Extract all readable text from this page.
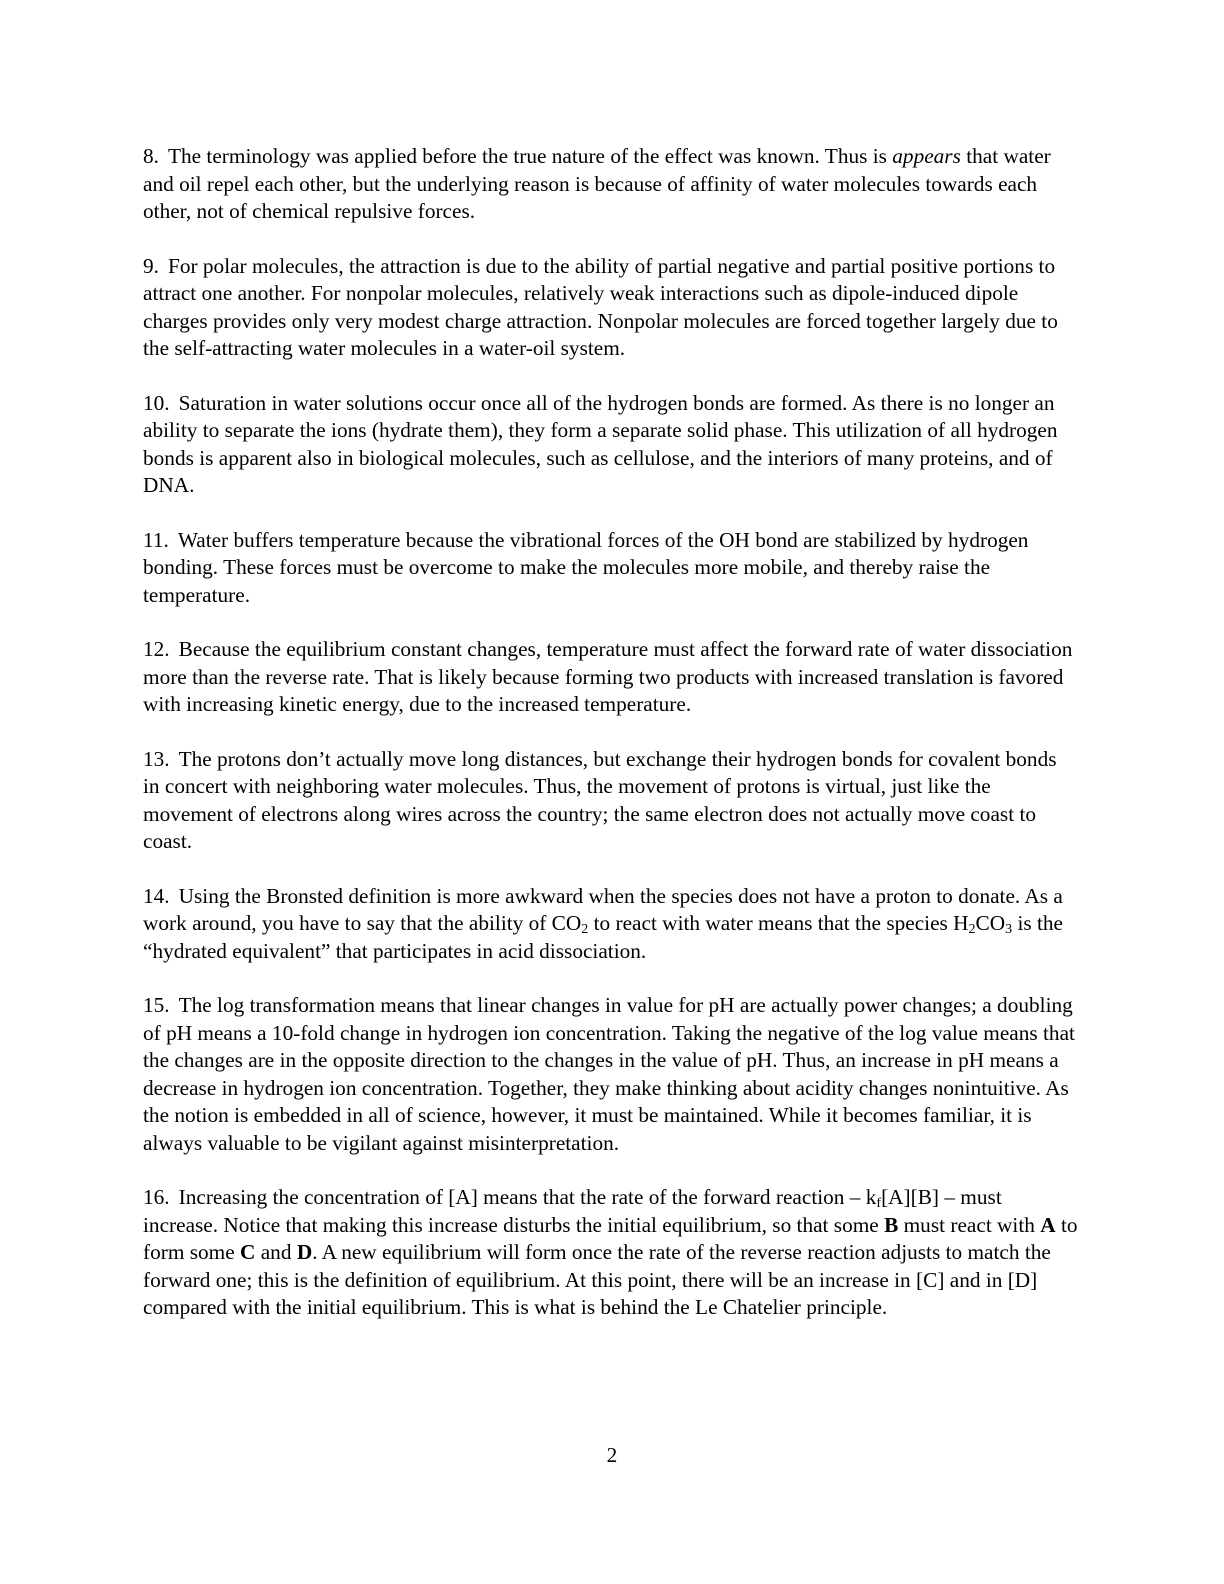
8. The terminology was applied before the true nature of the effect was known. Thus is appears that water and oil repel each other, but the underlying reason is because of affinity of water molecules towards each other, not of chemical repulsive forces.

9. For polar molecules, the attraction is due to the ability of partial negative and partial positive portions to attract one another. For nonpolar molecules, relatively weak interactions such as dipole-induced dipole charges provides only very modest charge attraction. Nonpolar molecules are forced together largely due to the self-attracting water molecules in a water-oil system.

10. Saturation in water solutions occur once all of the hydrogen bonds are formed. As there is no longer an ability to separate the ions (hydrate them), they form a separate solid phase. This utilization of all hydrogen bonds is apparent also in biological molecules, such as cellulose, and the interiors of many proteins, and of DNA.

11. Water buffers temperature because the vibrational forces of the OH bond are stabilized by hydrogen bonding. These forces must be overcome to make the molecules more mobile, and thereby raise the temperature.

12. Because the equilibrium constant changes, temperature must affect the forward rate of water dissociation more than the reverse rate. That is likely because forming two products with increased translation is favored with increasing kinetic energy, due to the increased temperature.

13. The protons don’t actually move long distances, but exchange their hydrogen bonds for covalent bonds in concert with neighboring water molecules. Thus, the movement of protons is virtual, just like the movement of electrons along wires across the country; the same electron does not actually move coast to coast.

14. Using the Bronsted definition is more awkward when the species does not have a proton to donate. As a work around, you have to say that the ability of $CO_2$ to react with water means that the species $H_2CO_3$ is the “hydrated equivalent” that participates in acid dissociation.

15. The log transformation means that linear changes in value for pH are actually power changes; a doubling of pH means a 10-fold change in hydrogen ion concentration. Taking the negative of the log value means that the changes are in the opposite direction to the changes in the value of pH. Thus, an increase in pH means a decrease in hydrogen ion concentration. Together, they make thinking about acidity changes nonintuitive. As the notion is embedded in all of science, however, it must be maintained. While it becomes familiar, it is always valuable to be vigilant against misinterpretation.

16. Increasing the concentration of [A] means that the rate of the forward reaction – $k_f[A][B]$ – must increase. Notice that making this increase disturbs the initial equilibrium, so that some B must react with A to form some C and D. A new equilibrium will form once the rate of the reverse reaction adjusts to match the forward one; this is the definition of equilibrium. At this point, there will be an increase in [C] and in [D] compared with the initial equilibrium. This is what is behind the Le Chatelier principle.

2
